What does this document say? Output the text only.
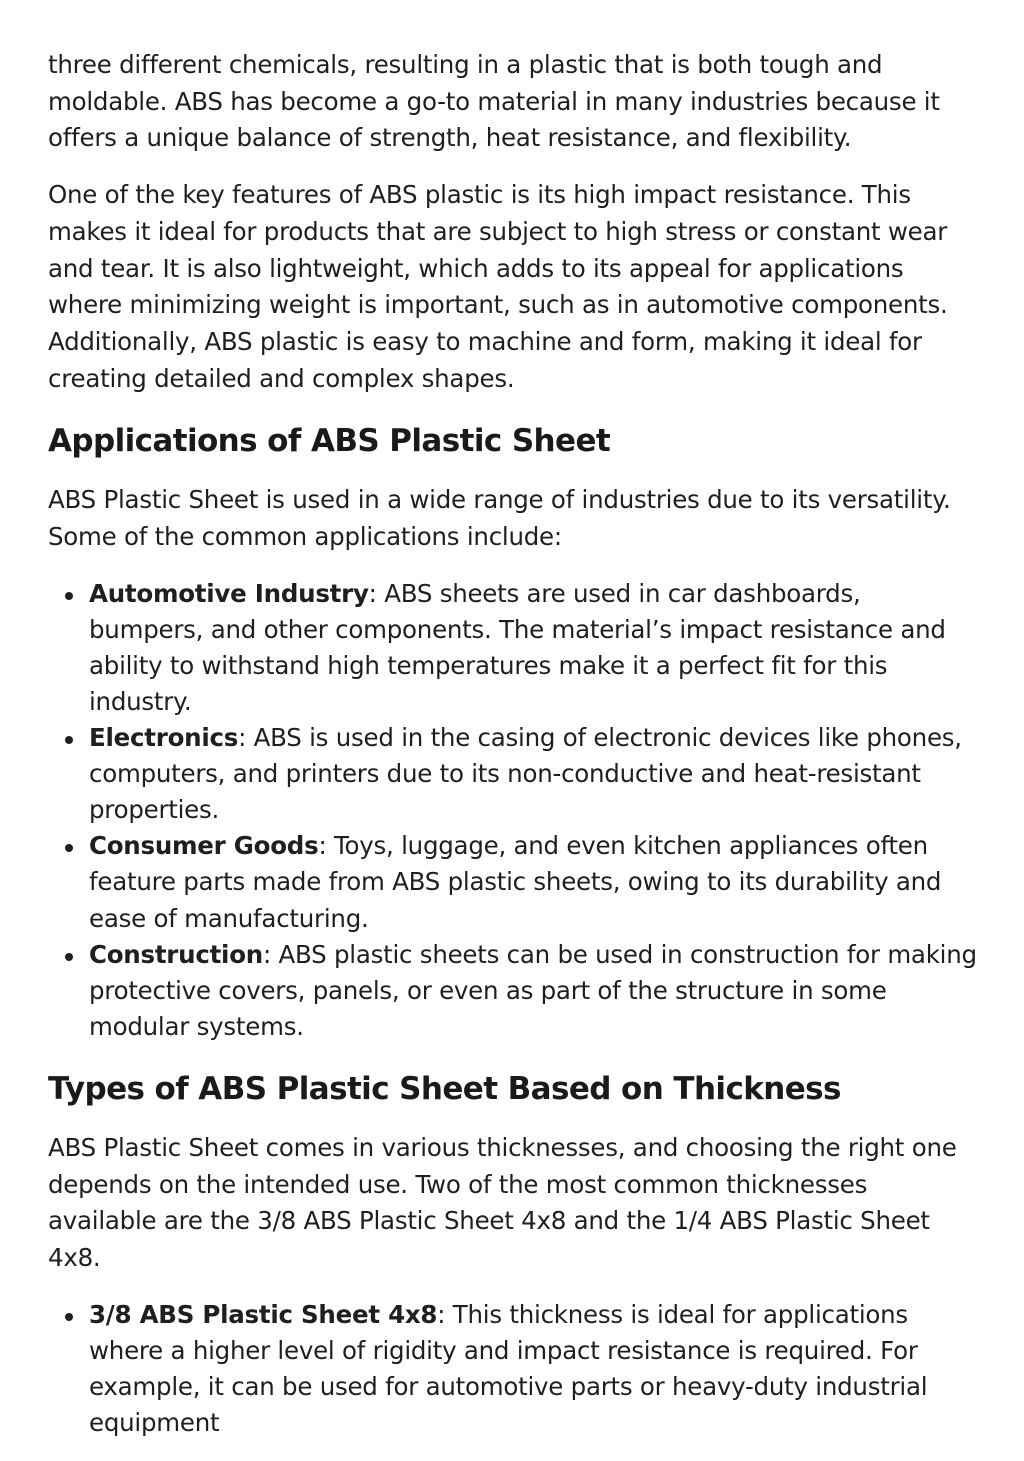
three different chemicals, resulting in a plastic that is both tough and moldable. ABS has become a go-to material in many industries because it offers a unique balance of strength, heat resistance, and flexibility.

One of the key features of ABS plastic is its high impact resistance. This makes it ideal for products that are subject to high stress or constant wear and tear. It is also lightweight, which adds to its appeal for applications where minimizing weight is important, such as in automotive components. Additionally, ABS plastic is easy to machine and form, making it ideal for creating detailed and complex shapes.

Applications of ABS Plastic Sheet

ABS Plastic Sheet is used in a wide range of industries due to its versatility. Some of the common applications include:

Automotive Industry: ABS sheets are used in car dashboards, bumpers, and other components. The material’s impact resistance and ability to withstand high temperatures make it a perfect fit for this industry.
Electronics: ABS is used in the casing of electronic devices like phones, computers, and printers due to its non-conductive and heat-resistant properties.
Consumer Goods: Toys, luggage, and even kitchen appliances often feature parts made from ABS plastic sheets, owing to its durability and ease of manufacturing.
Construction: ABS plastic sheets can be used in construction for making protective covers, panels, or even as part of the structure in some modular systems.
Types of ABS Plastic Sheet Based on Thickness

ABS Plastic Sheet comes in various thicknesses, and choosing the right one depends on the intended use. Two of the most common thicknesses available are the 3/8 ABS Plastic Sheet 4x8 and the 1/4 ABS Plastic Sheet 4x8.

3/8 ABS Plastic Sheet 4x8: This thickness is ideal for applications where a higher level of rigidity and impact resistance is required. For example, it can be used for automotive parts or heavy-duty industrial equipment
